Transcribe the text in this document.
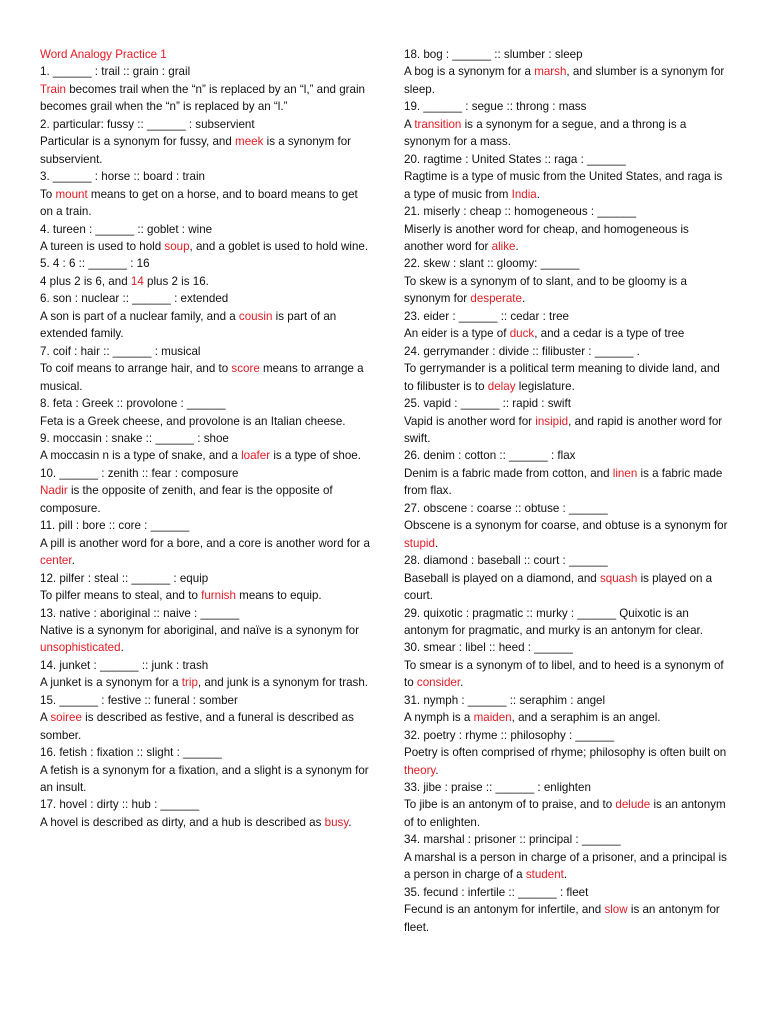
Word Analogy Practice 1
1. ______ : trail :: grain : grail
Train becomes trail when the “n” is replaced by an “l,” and grain becomes grail when the “n” is replaced by an “l.”
2. particular: fussy :: ______ : subservient
Particular is a synonym for fussy, and meek is a synonym for subservient.
3. ______ : horse :: board : train
To mount means to get on a horse, and to board means to get on a train.
4. tureen : ______ :: goblet : wine
A tureen is used to hold soup, and a goblet is used to hold wine.
5. 4 : 6 :: ______ : 16
4 plus 2 is 6, and 14 plus 2 is 16.
6. son : nuclear :: ______ : extended
A son is part of a nuclear family, and a cousin is part of an extended family.
7. coif : hair :: ______ : musical
To coif means to arrange hair, and to score means to arrange a musical.
8. feta : Greek :: provolone : ______
Feta is a Greek cheese, and provolone is an Italian cheese.
9. moccasin : snake :: ______ : shoe
A moccasin n is a type of snake, and a loafer is a type of shoe.
10. ______ : zenith :: fear : composure
Nadir is the opposite of zenith, and fear is the opposite of composure.
11. pill : bore :: core : ______
A pill is another word for a bore, and a core is another word for a center.
12. pilfer : steal :: ______ : equip
To pilfer means to steal, and to furnish means to equip.
13. native : aboriginal :: naive : ______
Native is a synonym for aboriginal, and naïve is a synonym for unsophisticated.
14. junket : ______ :: junk : trash
A junket is a synonym for a trip, and junk is a synonym for trash.
15. ______ : festive :: funeral : somber
A soiree is described as festive, and a funeral is described as somber.
16. fetish : fixation :: slight : ______
A fetish is a synonym for a fixation, and a slight is a synonym for an insult.
17. hovel : dirty :: hub : ______
A hovel is described as dirty, and a hub is described as busy.
18. bog : ______ :: slumber : sleep
A bog is a synonym for a marsh, and slumber is a synonym for sleep.
19. ______ : segue :: throng : mass
A transition is a synonym for a segue, and a throng is a synonym for a mass.
20. ragtime : United States :: raga : ______
Ragtime is a type of music from the United States, and raga is a type of music from India.
21. miserly : cheap :: homogeneous : ______
Miserly is another word for cheap, and homogeneous is another word for alike.
22. skew : slant :: gloomy: ______
To skew is a synonym of to slant, and to be gloomy is a synonym for desperate.
23. eider : ______ :: cedar : tree
An eider is a type of duck, and a cedar is a type of tree
24. gerrymander : divide :: filibuster : ______ .
To gerrymander is a political term meaning to divide land, and to filibuster is to delay legislature.
25. vapid : ______ :: rapid : swift
Vapid is another word for insipid, and rapid is another word for swift.
26. denim : cotton :: ______ : flax
Denim is a fabric made from cotton, and linen is a fabric made from flax.
27. obscene : coarse :: obtuse : ______
Obscene is a synonym for coarse, and obtuse is a synonym for stupid.
28. diamond : baseball :: court : ______
Baseball is played on a diamond, and squash is played on a court.
29. quixotic : pragmatic :: murky : ______ Quixotic is an antonym for pragmatic, and murky is an antonym for clear.
30. smear : libel :: heed : ______
To smear is a synonym of to libel, and to heed is a synonym of to consider.
31. nymph : ______ :: seraphim : angel
A nymph is a maiden, and a seraphim is an angel.
32. poetry : rhyme :: philosophy : ______
Poetry is often comprised of rhyme; philosophy is often built on theory.
33. jibe : praise :: ______ : enlighten
To jibe is an antonym of to praise, and to delude is an antonym of to enlighten.
34. marshal : prisoner :: principal : ______
A marshal is a person in charge of a prisoner, and a principal is a person in charge of a student.
35. fecund : infertile :: ______ : fleet
Fecund is an antonym for infertile, and slow is an antonym for fleet.
